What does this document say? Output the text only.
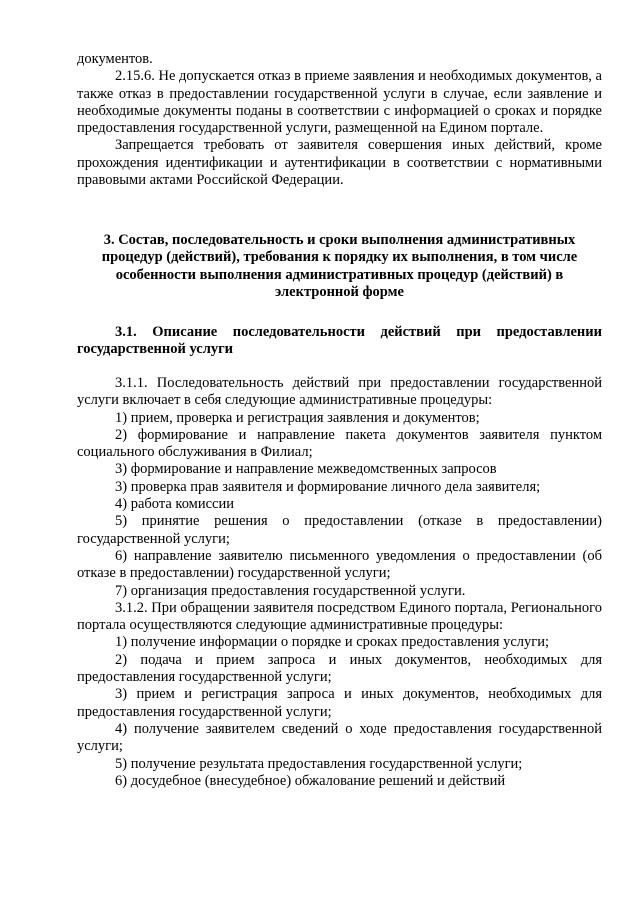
документов.

2.15.6. Не допускается отказ в приеме заявления и необходимых документов, а также отказ в предоставлении государственной услуги в случае, если заявление и необходимые документы поданы в соответствии с информацией о сроках и порядке предоставления государственной услуги, размещенной на Едином портале.

Запрещается требовать от заявителя совершения иных действий, кроме прохождения идентификации и аутентификации в соответствии с нормативными правовыми актами Российской Федерации.

3. Состав, последовательность и сроки выполнения административных процедур (действий), требования к порядку их выполнения, в том числе особенности выполнения административных процедур (действий) в электронной форме

3.1. Описание последовательности действий при предоставлении государственной услуги

3.1.1. Последовательность действий при предоставлении государственной услуги включает в себя следующие административные процедуры:

1) прием, проверка и регистрация заявления и документов;

2) формирование и направление пакета документов заявителя пунктом социального обслуживания в Филиал;

3) формирование и направление межведомственных запросов

3) проверка прав заявителя и формирование личного дела заявителя;

4) работа комиссии

5) принятие решения о предоставлении (отказе в предоставлении) государственной услуги;

6) направление заявителю письменного уведомления о предоставлении (об отказе в предоставлении) государственной услуги;

7) организация предоставления государственной услуги.

3.1.2. При обращении заявителя посредством Единого портала, Регионального портала осуществляются следующие административные процедуры:

1) получение информации о порядке и сроках предоставления услуги;

2) подача и прием запроса и иных документов, необходимых для предоставления государственной услуги;

3) прием и регистрация запроса и иных документов, необходимых для предоставления государственной услуги;

4) получение заявителем сведений о ходе предоставления государственной услуги;

5) получение результата предоставления государственной услуги;

6) досудебное (внесудебное) обжалование решений и действий
